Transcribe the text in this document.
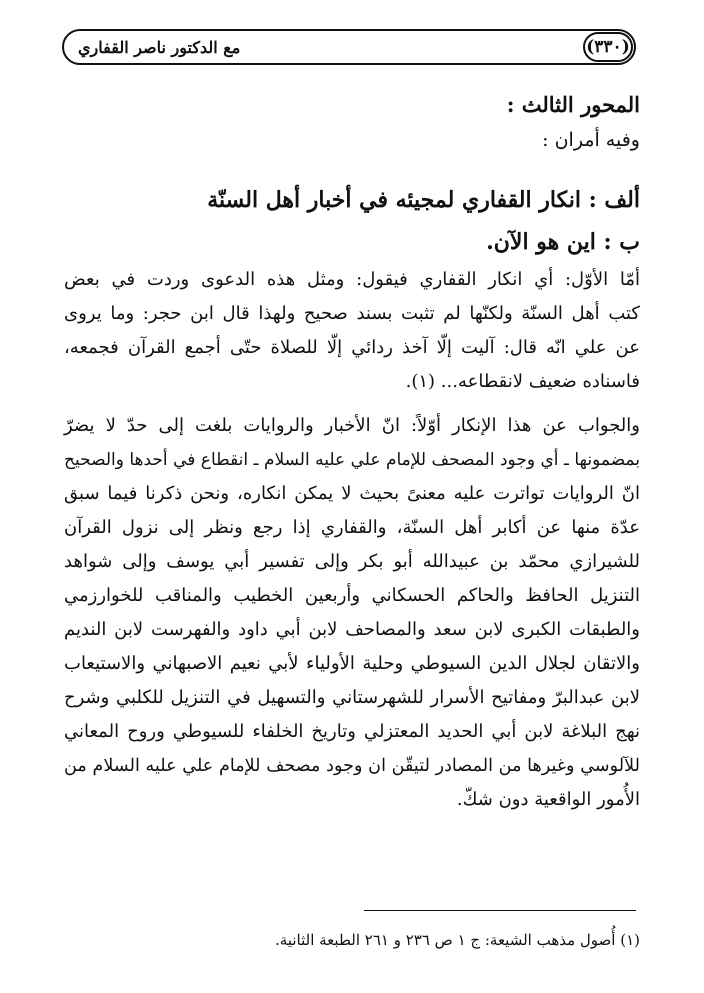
(٣٣٠)
مع الدكتور ناصر القفاري
المحور الثالث :
وفيه أمران :
ألف : انكار القفاري لمجيئه في أخبار أهل السنّة
ب : اين هو الآن.
أمّا الأوّل: أي انكار القفاري فيقول: ومثل هذه الدعوى وردت في بعض
كتب أهل السنّة ولكنّها لم تثبت بسند صحيح ولهذا قال ابن حجر: وما يروى
عن علي انّه قال: آليت إلّا آخذ ردائي إلّا للصلاة حتّى أجمع القرآن فجمعه،
فاسناده ضعيف لانقطاعه... (١).
والجواب عن هذا الإنكار أوّلاً: انّ الأخبار والروايات بلغت إلى حدّ لا يضرّ
بمضمونها ـ أي وجود المصحف للإمام علي عليه السلام ـ انقطاع في أحدها والصحيح
انّ الروايات تواترت عليه معنىً بحيث لا يمكن انكاره، ونحن ذكرنا فيما سبق
عدّة منها عن أكابر أهل السنّة، والقفاري إذا رجع ونظر إلى نزول القرآن
للشيرازي محمّد بن عبيدالله أبو بكر وإلى تفسير أبي يوسف وإلى شواهد
التنزيل الحافظ والحاكم الحسكاني وأربعين الخطيب والمناقب للخوارزمي
والطبقات الكبرى لابن سعد والمصاحف لابن أبي داود والفهرست لابن النديم
والاتقان لجلال الدين السيوطي وحلية الأولياء لأبي نعيم الاصبهاني والاستيعاب
لابن عبدالبرّ ومفاتيح الأسرار للشهرستاني والتسهيل في التنزيل للكلبي وشرح
نهج البلاغة لابن أبي الحديد المعتزلي وتاريخ الخلفاء للسيوطي وروح المعاني
للآلوسي وغيرها من المصادر لتيقّن ان وجود مصحف للإمام علي عليه السلام من
الأُمور الواقعية دون شكّ.
(١) أُصول مذهب الشيعة: ج ١ ص ٢٣٦ و ٢٦١ الطبعة الثانية.
